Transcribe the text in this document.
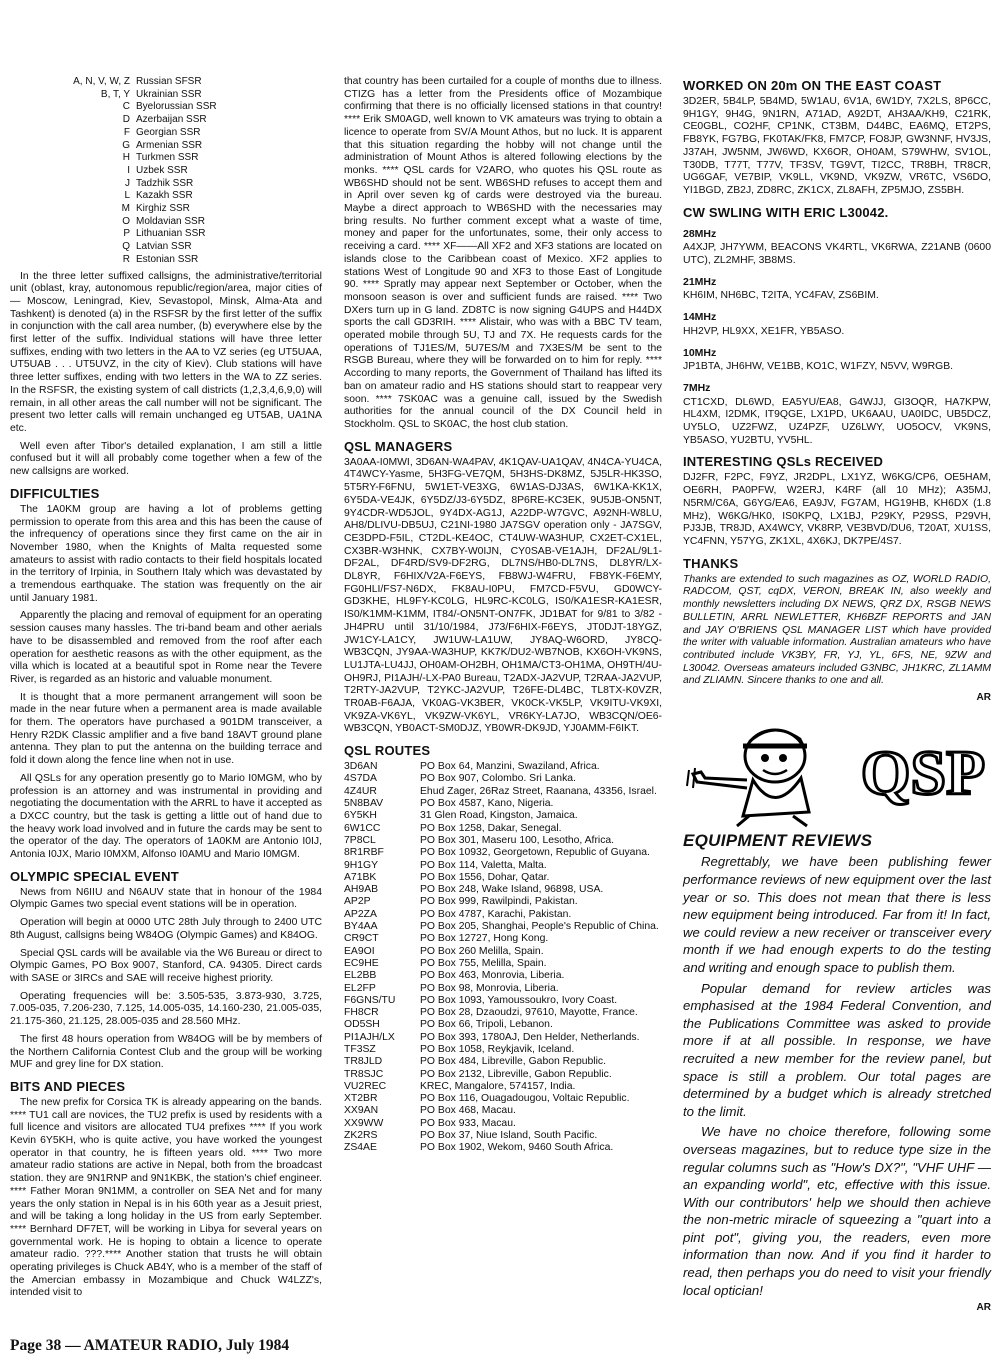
A, N, V, W, Z Russian SFSR
B, T, Y Ukrainian SSR
C Byelorussian SSR
D Azerbaijan SSR
F Georgian SSR
G Armenian SSR
H Turkmen SSR
I Uzbek SSR
J Tadzhik SSR
L Kazakh SSR
M Kirghiz SSR
O Moldavian SSR
P Lithuanian SSR
Q Latvian SSR
R Estonian SSR

In the three letter suffixed callsigns, the administrative/territorial unit (oblast, kray, autonomous republic/region/area, major cities of — Moscow, Leningrad, Kiev, Sevastopol, Minsk, Alma-Ata and Tashkent) is denoted (a) in the RSFSR by the first letter of the suffix in conjunction with the call area number, (b) everywhere else by the first letter of the suffix. Individual stations will have three letter suffixes, ending with two letters in the AA to VZ series (eg UT5UAA, UT5UAB . . . UT5UVZ, in the city of Kiev). Club stations will have three letter suffixes, ending with two letters in the WA to ZZ series. In the RSFSR, the existing system of call districts (1,2,3,4,6,9,0) will remain, in all other areas the call number will not be significant. The present two letter calls will remain unchanged eg UT5AB, UA1NA etc.

Well even after Tibor's detailed explanation, I am still a little confused but it will all probably come together when a few of the new callsigns are worked.

DIFFICULTIES

The 1A0KM group are having a lot of problems getting permission to operate from this area and this has been the cause of the infrequency of operations since they first came on the air in November 1980, when the Knights of Malta requested some amateurs to assist with radio contacts to their field hospitals located in the territory of Irpinia, in Southern Italy which was devastated by a tremendous earthquake. The station was frequently on the air until January 1981.

Apparently the placing and removal of equipment for an operating session causes many hassles. The tri-band beam and other aerials have to be disassembled and removed from the roof after each operation for aesthetic reasons as with the other equipment, as the villa which is located at a beautiful spot in Rome near the Tevere River, is regarded as an historic and valuable monument.

It is thought that a more permanent arrangement will soon be made in the near future when a permanent area is made available for them. The operators have purchased a 901DM transceiver, a Henry R2DK Classic amplifier and a five band 18AVT ground plane antenna. They plan to put the antenna on the building terrace and fold it down along the fence line when not in use.

All QSLs for any operation presently go to Mario I0MGM, who by profession is an attorney and was instrumental in providing and negotiating the documentation with the ARRL to have it accepted as a DXCC country, but the task is getting a little out of hand due to the heavy work load involved and in future the cards may be sent to the operator of the day. The operators of 1A0KM are Antonio I0IJ, Antonia I0JX, Mario I0MXM, Alfonso I0AMU and Mario I0MGM.

OLYMPIC SPECIAL EVENT

News from N6IIU and N6AUV state that in honour of the 1984 Olympic Games two special event stations will be in operation.

Operation will begin at 0000 UTC 28th July through to 2400 UTC 8th August, callsigns being W84OG (Olympic Games) and K84OG.

Special QSL cards will be available via the W6 Bureau or direct to Olympic Games, PO Box 9007, Stanford, CA. 94305. Direct cards with SASE or 3IRCs and SAE will receive highest priority.

Operating frequencies will be: 3.505-535, 3.873-930, 3.725, 7.005-035, 7.206-230, 7.125, 14.005-035, 14.160-230, 21.005-035, 21.175-360, 21.125, 28.005-035 and 28.560 MHz.

The first 48 hours operation from W84OG will be by members of the Northern California Contest Club and the group will be working MUF and grey line for DX station.

BITS AND PIECES

The new prefix for Corsica TK is already appearing on the bands. **** TU1 call are novices, the TU2 prefix is used by residents with a full licence and visitors are allocated TU4 prefixes **** If you work Kevin 6Y5KH, who is quite active, you have worked the youngest operator in that country, he is fifteen years old. **** Two more amateur radio stations are active in Nepal, both from the broadcast station. they are 9N1RNP and 9N1KBK, the station's chief engineer. **** Father Moran 9N1MM, a controller on SEA Net and for many years the only station in Nepal is in his 60th year as a Jesuit priest, and will be taking a long holiday in the US from early September. **** Bernhard DF7ET, will be working in Libya for several years on governmental work. He is hoping to obtain a licence to operate amateur radio. ???.**** Another station that trusts he will obtain operating privileges is Chuck AB4Y, who is a member of the staff of the Amercian embassy in Mozambique and Chuck W4LZZ's, intended visit to

that country has been curtailed for a couple of months due to illness. CTIZG has a letter from the Presidents office of Mozambique confirming that there is no officially licensed stations in that country! **** Erik SM0AGD, well known to VK amateurs was trying to obtain a licence to operate from SV/A Mount Athos, but no luck. It is apparent that this situation regarding the hobby will not change until the administration of Mount Athos is altered following elections by the monks. **** QSL cards for V2ARO, who quotes his QSL route as WB6SHD should not be sent. WB6SHD refuses to accept them and in April over seven kg of cards were destroyed via the bureau. Maybe a direct approach to WB6SHD with the necessaries may bring results. No further comment except what a waste of time, money and paper for the unfortunates, some, their only access to receiving a card. **** XF——All XF2 and XF3 stations are located on islands close to the Caribbean coast of Mexico. XF2 applies to stations West of Longitude 90 and XF3 to those East of Longitude 90. **** Spratly may appear next September or October, when the monsoon season is over and sufficient funds are raised. **** Two DXers turn up in G land. ZD8TC is now signing G4UPS and H44DX sports the call GD3RIH. **** Alistair, who was with a BBC TV team, operated mobile through 5U, TJ and 7X. He requests cards for the operations of TJ1ES/M, 5U7ES/M and 7X3ES/M be sent to the RSGB Bureau, where they will be forwarded on to him for reply. **** According to many reports, the Government of Thailand has lifted its ban on amateur radio and HS stations should start to reappear very soon. **** 7SK0AC was a genuine call, issued by the Swedish authorities for the annual council of the DX Council held in Stockholm. QSL to SK0AC, the host club station.

QSL MANAGERS
3A0AA-I0MWI, 3D6AN-WA4PAV, 4K1QAV-UA1QAV, 4N4CA-YU4CA, 4T4WCY-Yasme, 5H3FG-VE7QM, 5H3HS-DK8MZ, 5J5LR-HK3SO, 5T5RY-F6FNU, 5W1ET-VE3XG, 6W1AS-DJ3AS, 6W1KA-KK1X, 6Y5DA-VE4JK, 6Y5DZ/J3-6Y5DZ, 8P6RE-KC3EK, 9U5JB-ON5NT, 9Y4CDR-WD5JOL, 9Y4DX-AG1J, A22DP-W7GVC, A92NH-W8LU, AH8/DLIVU-DB5UJ, C21NI-1980 JA7SGV operation only - JA7SGV, CE3DPD-F5IL, CT2DL-KE4OC, CT4UW-WA3HUP, CX2ET-CX1EL, CX3BR-W3HNK, CX7BY-W0IJN, CY0SAB-VE1AJH, DF2AL/9L1-DF2AL, DF4RD/SV9-DF2RG, DL7NS/HB0-DL7NS, DL8YR/LX-DL8YR, F6HIX/V2A-F6EYS, FB8WJ-W4FRU, FB8YK-F6EMY, FG0HLI/FS7-N6DX, FK8AU-I0PU, FM7CD-F5VU, GD0WCY-GD3KHE, HL9FY-KC0LG, HL9RC-KC0LG, IS0/KA1ESR-KA1ESR, IS0/K1MM-K1MM, IT84/-ON5NT-ON7FK, JD1BAT for 9/81 to 3/82 -JH4PRU until 31/10/1984, J73/F6HIX-F6EYS, JT0DJT-18YGZ, JW1CY-LA1CY, JW1UW-LA1UW, JY8AQ-W6ORD, JY8CQ-WB3CQN, JY9AA-WA3HUP, KK7K/DU2-WB7NOB, KX6OH-VK9NS, LU1JTA-LU4JJ, OH0AM-OH2BH, OH1MA/CT3-OH1MA, OH9TH/4U-OH9RJ, PI1AJH/-LX-PA0 Bureau, T2ADX-JA2VUP, T2RAA-JA2VUP, T2RTY-JA2VUP, T2YKC-JA2VUP, T26FE-DL4BC, TL8TX-K0VZR, TR0AB-F6AJA, VK0AG-VK3BER, VK0CK-VK5LP, VK9ITU-VK9XI, VK9ZA-VK6YL, VK9ZW-VK6YL, VR6KY-LA7JO, WB3CQN/OE6-WB3CQN, YB0ACT-SM0DJZ, YB0WR-DK9JD, YJ0AMM-F6IKT.
QSL ROUTES
3D6AN	PO Box 64, Manzini, Swaziland, Africa.
4S7DA	PO Box 907, Colombo. Sri Lanka.
4Z4UR	Ehud Zager, 26Raz Street, Raanana, 43356, Israel.
5N8BAV	PO Box 4587, Kano, Nigeria.
6Y5KH	31 Glen Road, Kingston, Jamaica.
6W1CC	PO Box 1258, Dakar, Senegal.
7P8CL	PO Box 301, Maseru 100, Lesotho, Africa.
8R1RBF	PO Box 10932, Georgetown, Republic of Guyana.
9H1GY	PO Box 114, Valetta, Malta.
A71BK	PO Box 1556, Dohar, Qatar.
AH9AB	PO Box 248, Wake Island, 96898, USA.
AP2P	PO Box 999, Rawilpindi, Pakistan.
AP2ZA	PO Box 4787, Karachi, Pakistan.
BY4AA	PO Box 205, Shanghai, People's Republic of China.
CR9CT	PO Box 12727, Hong Kong.
EA9OI	PO Box 260 Melilla, Spain.
EC9HE	PO Box 755, Melilla, Spain.
EL2BB	PO Box 463, Monrovia, Liberia.
EL2FP	PO Box 98, Monrovia, Liberia.
F6GNS/TU	PO Box 1093, Yamoussoukro, Ivory Coast.
FH8CR	PO Box 28, Dzaoudzi, 97610, Mayotte, France.
OD5SH	PO Box 66, Tripoli, Lebanon.
PI1AJH/LX	PO Box 393, 1780AJ, Den Helder, Netherlands.
TF3SZ	PO Box 1058, Reykjavik, Iceland.
TR8JLD	PO Box 484, Libreville, Gabon Republic.
TR8SJC	PO Box 2132, Libreville, Gabon Republic.
VU2REC	KREC, Mangalore, 574157, India.
XT2BR	PO Box 116, Ouagadougou, Voltaic Republic.
XX9AN	PO Box 468, Macau.
XX9WW	PO Box 933, Macau.
ZK2RS	PO Box 37, Niue Island, South Pacific.
ZS4AE	PO Box 1902, Wekom, 9460 South Africa.
WORKED ON 20m ON THE EAST COAST
3D2ER, 5B4LP, 5B4MD, 5W1AU, 6V1A, 6W1DY, 7X2LS, 8P6CC, 9H1GY, 9H4G, 9N1RN, A71AD, A92DT, AH3AA/KH9, C21RK, CE0GBL, CO2HF, CP1NK, CT3BM, D44BC, EA6MQ, ET2PS, FB8YK, FG7BG, FK0TAK/FK8, FM7CP, FO8JP, GW3NNF, HV3JS, J37AH, JW5NM, JW6WD, KX6OR, OH0AM, S79WHW, SV1OL, T30DB, T77T, T77V, TF3SV, TG9VT, TI2CC, TR8BH, TR8CR, UG6GAF, VE7BIP, VK9LL, VK9ND, VK9ZW, VR6TC, VS6DO, YI1BGD, ZB2J, ZD8RC, ZK1CX, ZL8AFH, ZP5MJO, ZS5BH.
CW SWLING WITH ERIC L30042.
28MHz
A4XJP, JH7YWM, BEACONS VK4RTL, VK6RWA, Z21ANB (0600 UTC), ZL2MHF, 3B8MS.
21MHz
KH6IM, NH6BC, T2ITA, YC4FAV, ZS6BIM.
14MHz
HH2VP, HL9XX, XE1FR, YB5ASO.
10MHz
JP1BTA, JH6HW, VE1BB, KO1C, W1FZY, N5VV, W9RGB.
7MHz
CT1CXD, DL6WD, EA5YU/EA8, G4WJJ, GI3OQR, HA7KPW, HL4XM, I2DMK, IT9QGE, LX1PD, UK6AAU, UA0IDC, UB5DCZ, UY5LO, UZ2FWZ, UZ4PZF, UZ6LWY, UO5OCV, VK9NS, YB5ASO, YU2BTU, YV5HL.
INTERESTING QSLs RECEIVED
DJ2FR, F2PC, F9YZ, JR2DPL, LX1YZ, W6KG/CP6, OE5HAM, OE6RH, PA0PFW, W2ERJ, K4RF (all 10 MHz); A35MJ, N5RM/C6A, G6YG/EA6, EA9JV, FG7AM, HG19HB, KH6DX (1.8 MHz), W6KG/HK0, IS0KPQ, LX1BJ, P29KY, P29SS, P29VH, PJ3JB, TR8JD, AX4WCY, VK8RP, VE3BVD/DU6, T20AT, XU1SS, YC4FNN, Y57YG, ZK1XL, 4X6KJ, DK7PE/4S7.
THANKS
Thanks are extended to such magazines as OZ, WORLD RADIO, RADCOM, QST, cqDX, VERON, BREAK IN, also weekly and monthly newsletters including DX NEWS, QRZ DX, RSGB NEWS BULLETIN, ARRL NEWLETTER, KH6BZF REPORTS and JAN and JAY O'BRIENS QSL MANAGER LIST which have provided the writer with valuable information. Australian amateurs who have contributed include VK3BY, FR, YJ, YL, 6FS, NE, 9ZW and L30042. Overseas amateurs included G3NBC, JH1KRC, ZL1AMM and ZLIAMN. Sincere thanks to one and all.

AR

QSP
EQUIPMENT REVIEWS

Regrettably, we have been publishing fewer performance reviews of new equipment over the last year or so. This does not mean that there is less new equipment being introduced. Far from it! In fact, we could review a new receiver or transceiver every month if we had enough experts to do the testing and writing and enough space to publish them.

Popular demand for review articles was emphasised at the 1984 Federal Convention, and the Publications Committee was asked to provide more if at all possible. In response, we have recruited a new member for the review panel, but space is still a problem. Our total pages are determined by a budget which is already stretched to the limit.

We have no choice therefore, following some overseas magazines, but to reduce type size in the regular columns such as "How's DX?", "VHF UHF — an expanding world", etc, effective with this issue. With our contributors' help we should then achieve the non-metric miracle of squeezing a "quart into a pint pot", giving you, the readers, even more information than now. And if you find it harder to read, then perhaps you do need to visit your friendly local optician!

AR

Page 38 — AMATEUR RADIO, July 1984
